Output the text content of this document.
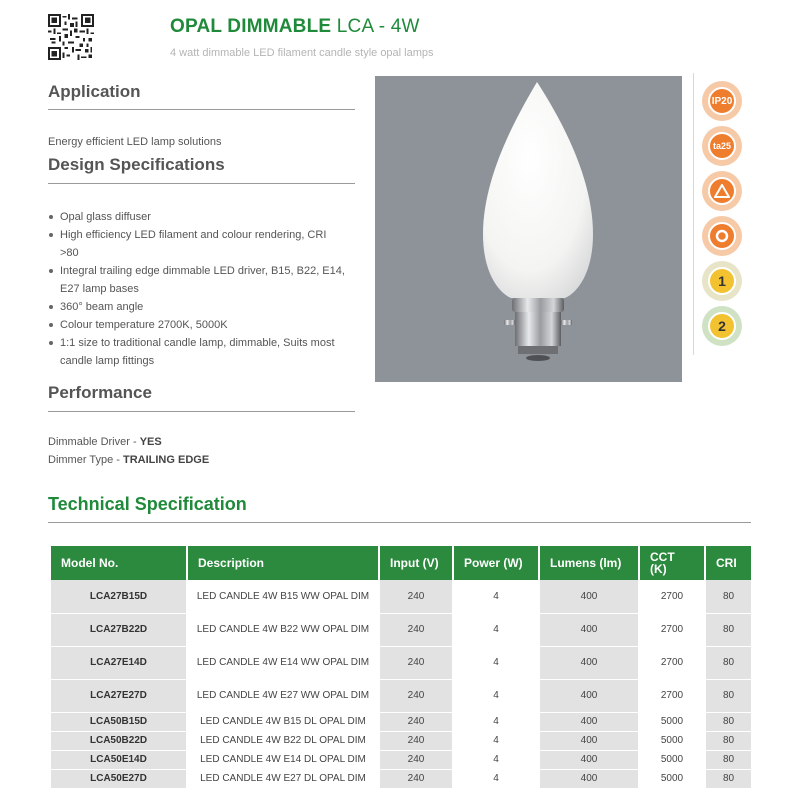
OPAL DIMMABLE LCA - 4W
4 watt dimmable LED filament candle style opal lamps
Application
Energy efficient LED lamp solutions
Design Specifications
Opal glass diffuser
High efficiency LED filament and colour rendering, CRI >80
Integral trailing edge dimmable LED driver, B15, B22, E14, E27 lamp bases
360° beam angle
Colour temperature 2700K, 5000K
1:1 size to traditional candle lamp, dimmable, Suits most candle lamp fittings
Performance
Dimmable Driver - YES
Dimmer Type - TRAILING EDGE
IP20
ta25
1
2
Technical Specification
Model No.	Description	Input (V)	Power (W)	Lumens (lm)	CCT (K)	CRI
LCA27B15D	LED CANDLE 4W B15 WW OPAL DIM	240	4	400	2700	80
LCA27B22D	LED CANDLE 4W B22 WW OPAL DIM	240	4	400	2700	80
LCA27E14D	LED CANDLE 4W E14 WW OPAL DIM	240	4	400	2700	80
LCA27E27D	LED CANDLE 4W E27 WW OPAL DIM	240	4	400	2700	80
LCA50B15D	LED CANDLE 4W B15 DL OPAL DIM	240	4	400	5000	80
LCA50B22D	LED CANDLE 4W B22 DL OPAL DIM	240	4	400	5000	80
LCA50E14D	LED CANDLE 4W E14 DL OPAL DIM	240	4	400	5000	80
LCA50E27D	LED CANDLE 4W E27 DL OPAL DIM	240	4	400	5000	80
